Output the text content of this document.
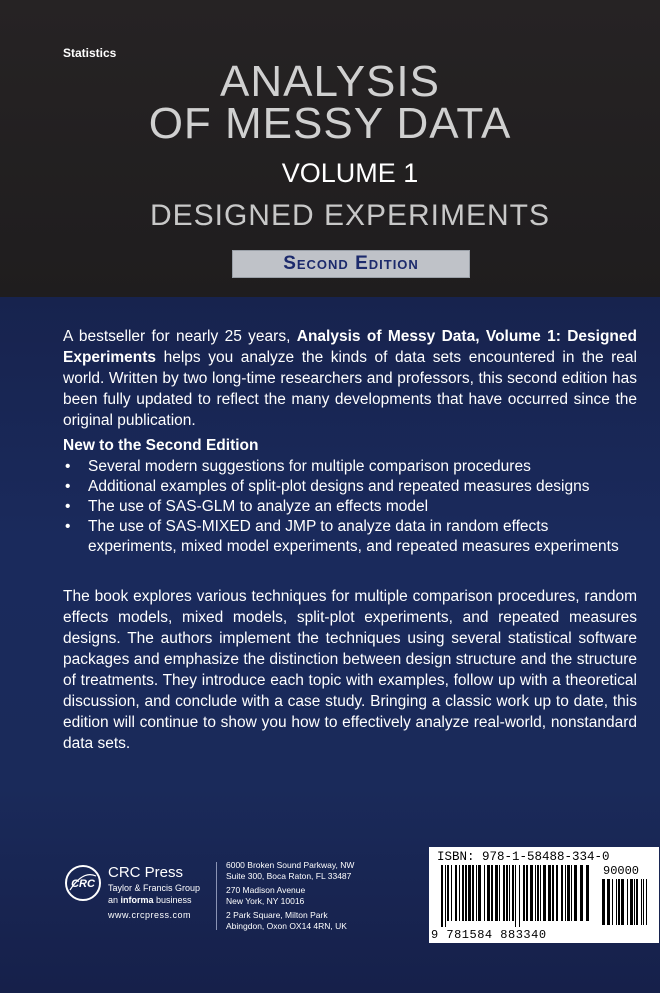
Statistics
ANALYSIS
OF MESSY DATA
VOLUME 1
DESIGNED EXPERIMENTS
Second Edition

A bestseller for nearly 25 years, Analysis of Messy Data, Volume 1: Designed Experiments helps you analyze the kinds of data sets encountered in the real world. Written by two long-time researchers and professors, this second edition has been fully updated to reflect the many developments that have occurred since the original publication.

New to the Second Edition
• Several modern suggestions for multiple comparison procedures
• Additional examples of split-plot designs and repeated measures designs
• The use of SAS-GLM to analyze an effects model
• The use of SAS-MIXED and JMP to analyze data in random effects experiments, mixed model experiments, and repeated measures experiments

The book explores various techniques for multiple comparison procedures, random effects models, mixed models, split-plot experiments, and repeated measures designs. The authors implement the techniques using several statistical software packages and emphasize the distinction between design structure and the structure of treatments. They introduce each topic with examples, follow up with a theoretical discussion, and conclude with a case study. Bringing a classic work up to date, this edition will continue to show you how to effectively analyze real-world, nonstandard data sets.

CRC
CRC Press
Taylor & Francis Group
an informa business
www.crcpress.com
6000 Broken Sound Parkway, NW
Suite 300, Boca Raton, FL 33487
270 Madison Avenue
New York, NY 10016
2 Park Square, Milton Park
Abingdon, Oxon OX14 4RN, UK
ISBN: 978-1-58488-334-0
90000
9 781584 883340
